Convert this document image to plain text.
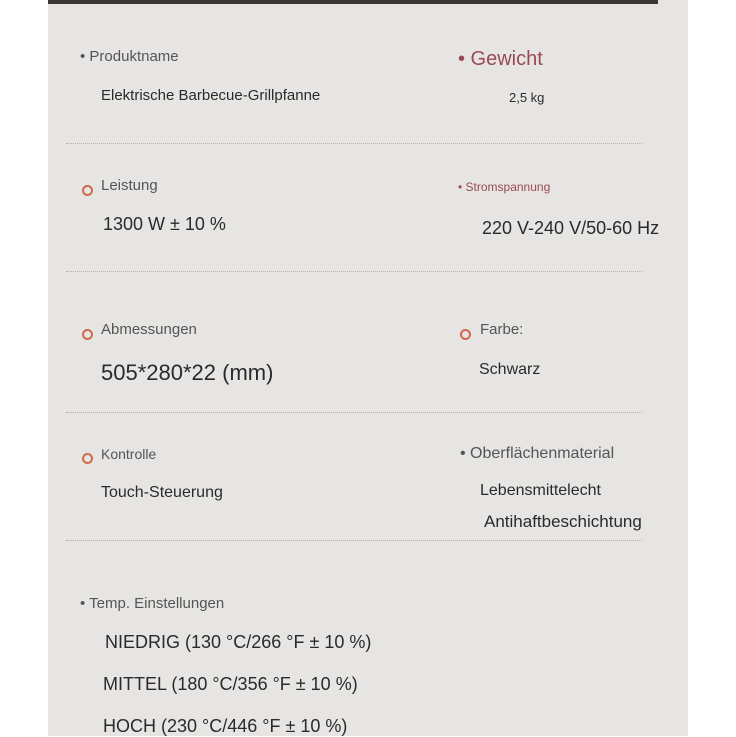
• Produktname
Elektrische Barbecue-Grillpfanne
• Gewicht
2,5 kg
Leistung
1300 W ± 10 %
• Stromspannung
220 V-240 V/50-60 Hz
Abmessungen
505*280*22 (mm)
Farbe:
Schwarz
Kontrolle
Touch-Steuerung
• Oberflächenmaterial
Lebensmittelecht
Antihaftbeschichtung
• Temp. Einstellungen
NIEDRIG (130 °C/266 °F ± 10 %)
MITTEL (180 °C/356 °F ± 10 %)
HOCH (230 °C/446 °F ± 10 %)
